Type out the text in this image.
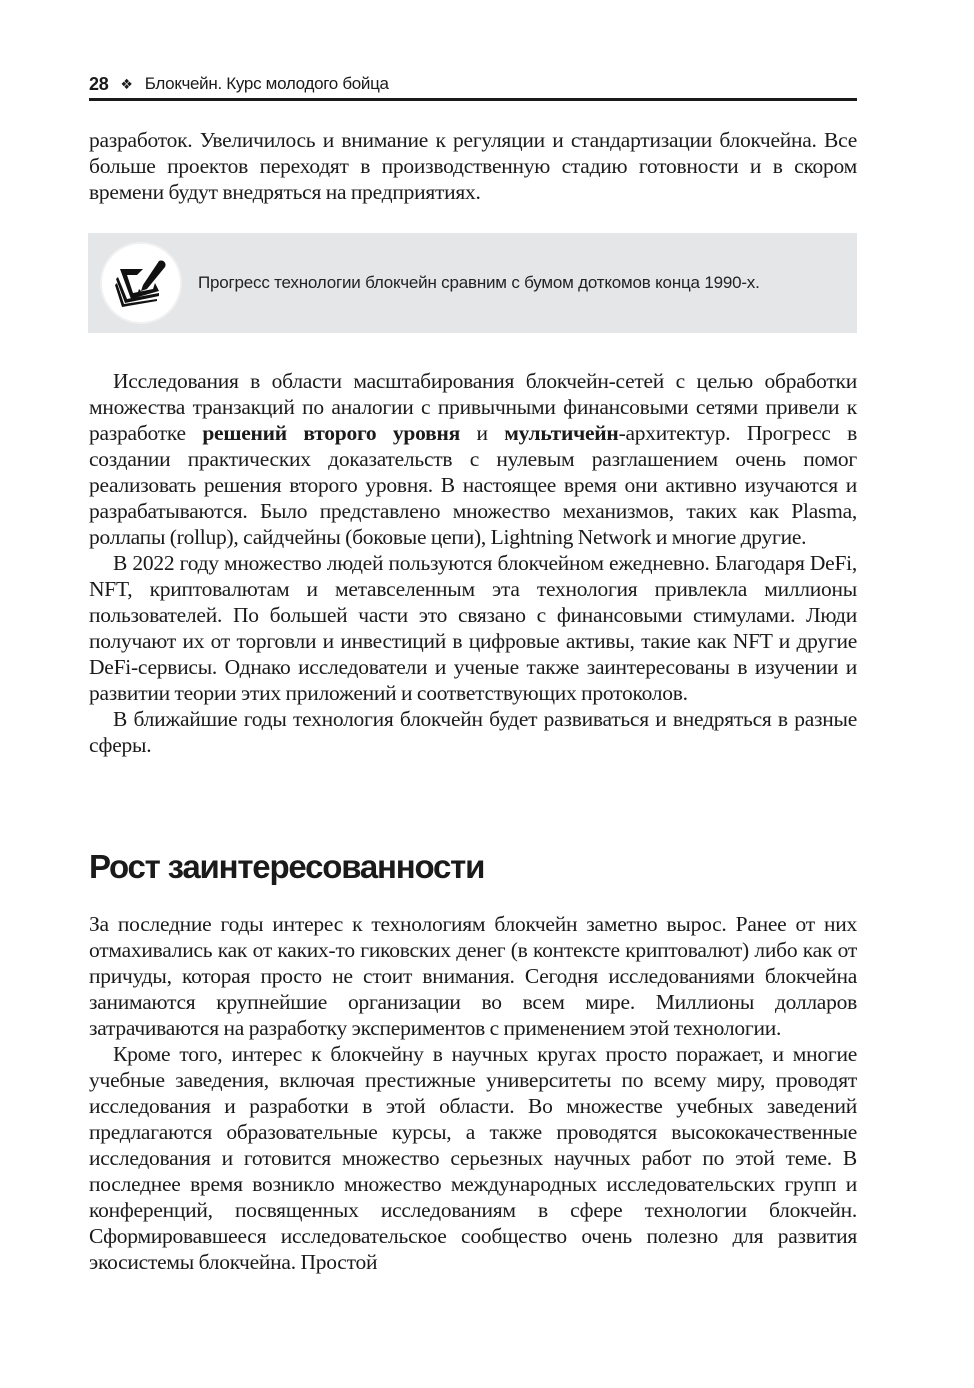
28 ❖ Блокчейн. Курс молодого бойца

разработок. Увеличилось и внимание к регуляции и стандартизации блокчейна. Все больше проектов переходят в производственную стадию готовности и в скором времени будут внедряться на предприятиях.

Прогресс технологии блокчейн сравним с бумом доткомов конца 1990-х.

Исследования в области масштабирования блокчейн-сетей с целью обработки множества транзакций по аналогии с привычными финансовыми сетями привели к разработке решений второго уровня и мультичейн-архитектур. Прогресс в создании практических доказательств с нулевым разглашением очень помог реализовать решения второго уровня. В настоящее время они активно изучаются и разрабатываются. Было представлено множество механизмов, таких как Plasma, роллапы (rollup), сайдчейны (боковые цепи), Lightning Network и многие другие.

В 2022 году множество людей пользуются блокчейном ежедневно. Благодаря DeFi, NFT, криптовалютам и метавселенным эта технология привлекла миллионы пользователей. По большей части это связано с финансовыми стимулами. Люди получают их от торговли и инвестиций в цифровые активы, такие как NFT и другие DeFi-сервисы. Однако исследователи и ученые также заинтересованы в изучении и развитии теории этих приложений и соответствующих протоколов.

В ближайшие годы технология блокчейн будет развиваться и внедряться в разные сферы.

Рост заинтересованности

За последние годы интерес к технологиям блокчейн заметно вырос. Ранее от них отмахивались как от каких-то гиковских денег (в контексте криптовалют) либо как от причуды, которая просто не стоит внимания. Сегодня исследованиями блокчейна занимаются крупнейшие организации во всем мире. Миллионы долларов затрачиваются на разработку экспериментов с применением этой технологии.

Кроме того, интерес к блокчейну в научных кругах просто поражает, и многие учебные заведения, включая престижные университеты по всему миру, проводят исследования и разработки в этой области. Во множестве учебных заведений предлагаются образовательные курсы, а также проводятся высококачественные исследования и готовится множество серьезных научных работ по этой теме. В последнее время возникло множество международных исследовательских групп и конференций, посвященных исследованиям в сфере технологии блокчейн. Сформировавшееся исследовательское сообщество очень полезно для развития экосистемы блокчейна. Простой
